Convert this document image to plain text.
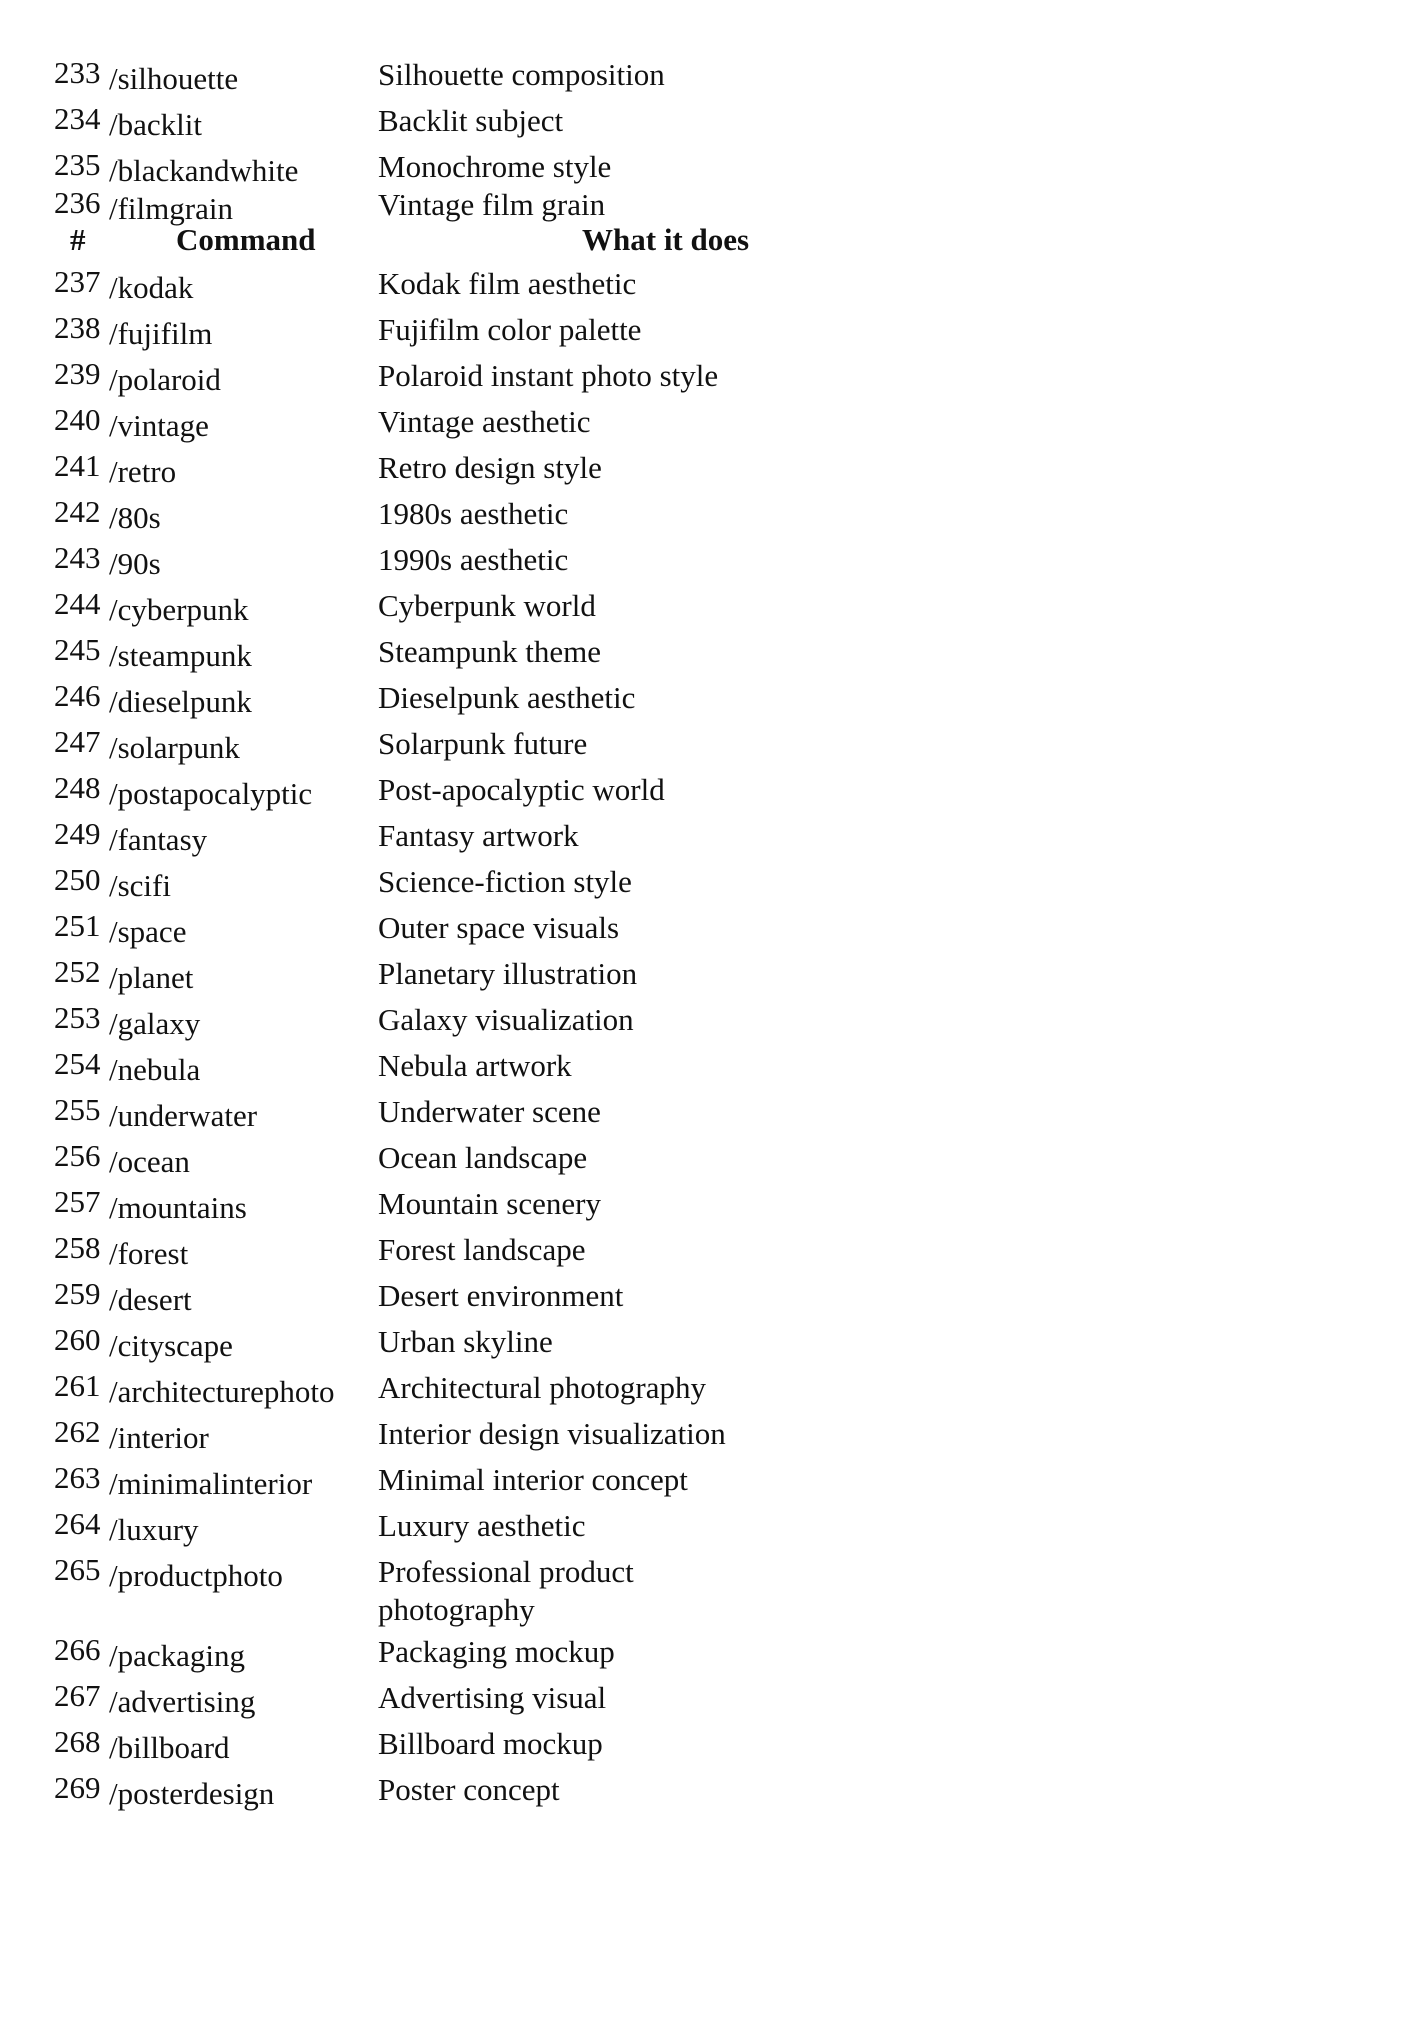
233 /silhouette	Silhouette composition
234 /backlit	Backlit subject
235 /blackandwhite	Monochrome style
236 /filmgrain	Vintage film grain
#	Command	What it does
237 /kodak	Kodak film aesthetic
238 /fujifilm	Fujifilm color palette
239 /polaroid	Polaroid instant photo style
240 /vintage	Vintage aesthetic
241 /retro	Retro design style
242 /80s	1980s aesthetic
243 /90s	1990s aesthetic
244 /cyberpunk	Cyberpunk world
245 /steampunk	Steampunk theme
246 /dieselpunk	Dieselpunk aesthetic
247 /solarpunk	Solarpunk future
248 /postapocalyptic Post-apocalyptic world
249 /fantasy	Fantasy artwork
250 /scifi	Science-fiction style
251 /space	Outer space visuals
252 /planet	Planetary illustration
253 /galaxy	Galaxy visualization
254 /nebula	Nebula artwork
255 /underwater	Underwater scene
256 /ocean	Ocean landscape
257 /mountains	Mountain scenery
258 /forest	Forest landscape
259 /desert	Desert environment
260 /cityscape	Urban skyline
261 /architecturephoto Architectural photography
262 /interior	Interior design visualization
263 /minimalinterior Minimal interior concept
264 /luxury	Luxury aesthetic
265 /productphoto	Professional product photography
266 /packaging	Packaging mockup
267 /advertising	Advertising visual
268 /billboard	Billboard mockup
269 /posterdesign	Poster concept
